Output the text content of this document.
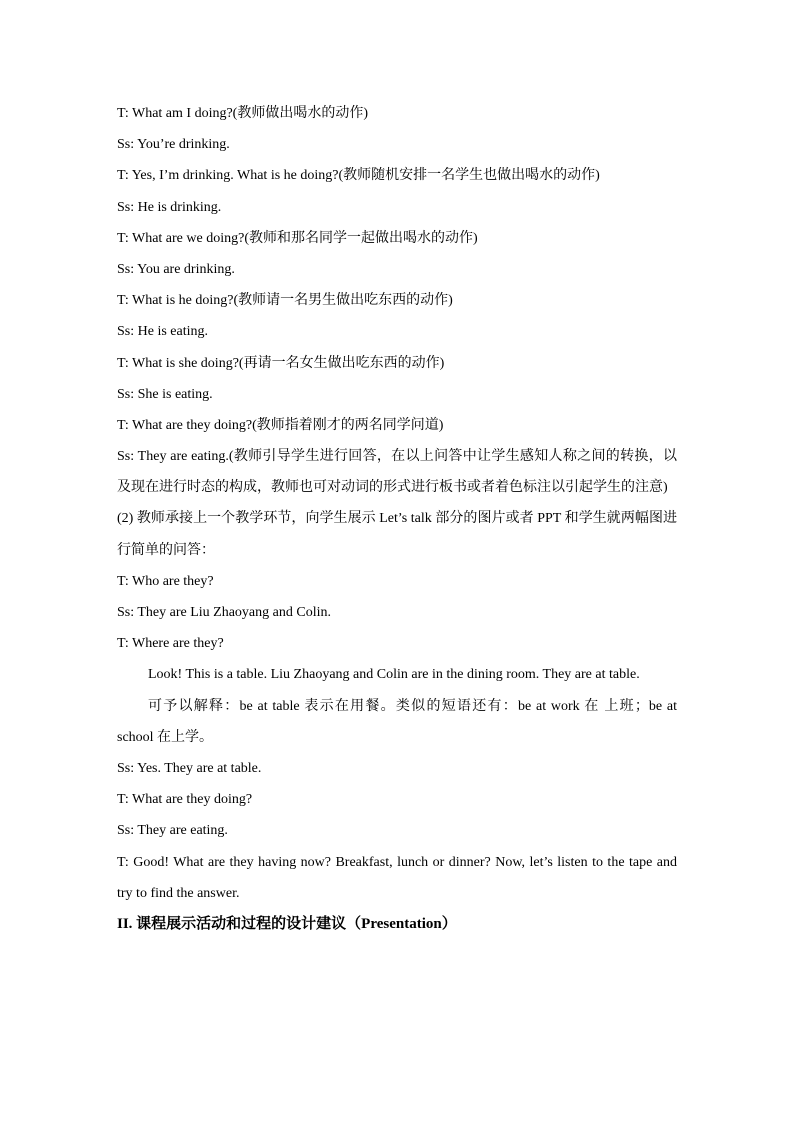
T: What am I doing?(教师做出喝水的动作)
Ss: You’re drinking.
T: Yes, I’m drinking. What is he doing?(教师随机安排一名学生也做出喝水的动作)
Ss: He is drinking.
T: What are we doing?(教师和那名同学一起做出喝水的动作)
Ss: You are drinking.
T: What is he doing?(教师请一名男生做出吃东西的动作)
Ss: He is eating.
T: What is she doing?(再请一名女生做出吃东西的动作)
Ss: She is eating.
T: What are they doing?(教师指着刚才的两名同学问道)
Ss: They are eating.(教师引导学生进行回答，在以上问答中让学生感知人称之间的转换，以及现在进行时态的构成，教师也可对动词的形式进行板书或者着色标注以引起学生的注意)
(2) 教师承接上一个教学环节，向学生展示 Let’s talk 部分的图片或者 PPT 和学生就两幅图进行简单的问答：
T: Who are they?
Ss: They are Liu Zhaoyang and Colin.
T: Where are they?
Look! This is a table. Liu Zhaoyang and Colin are in the dining room. They are at table.
可予以解释：be at table 表示在用餐。类似的短语还有：be at work 在 上班；be at school 在上学。
Ss: Yes. They are at table.
T: What are they doing?
Ss: They are eating.
T: Good! What are they having now? Breakfast, lunch or dinner? Now, let’s listen to the tape and try to find the answer.
II. 课程展示活动和过程的设计建议（Presentation）
